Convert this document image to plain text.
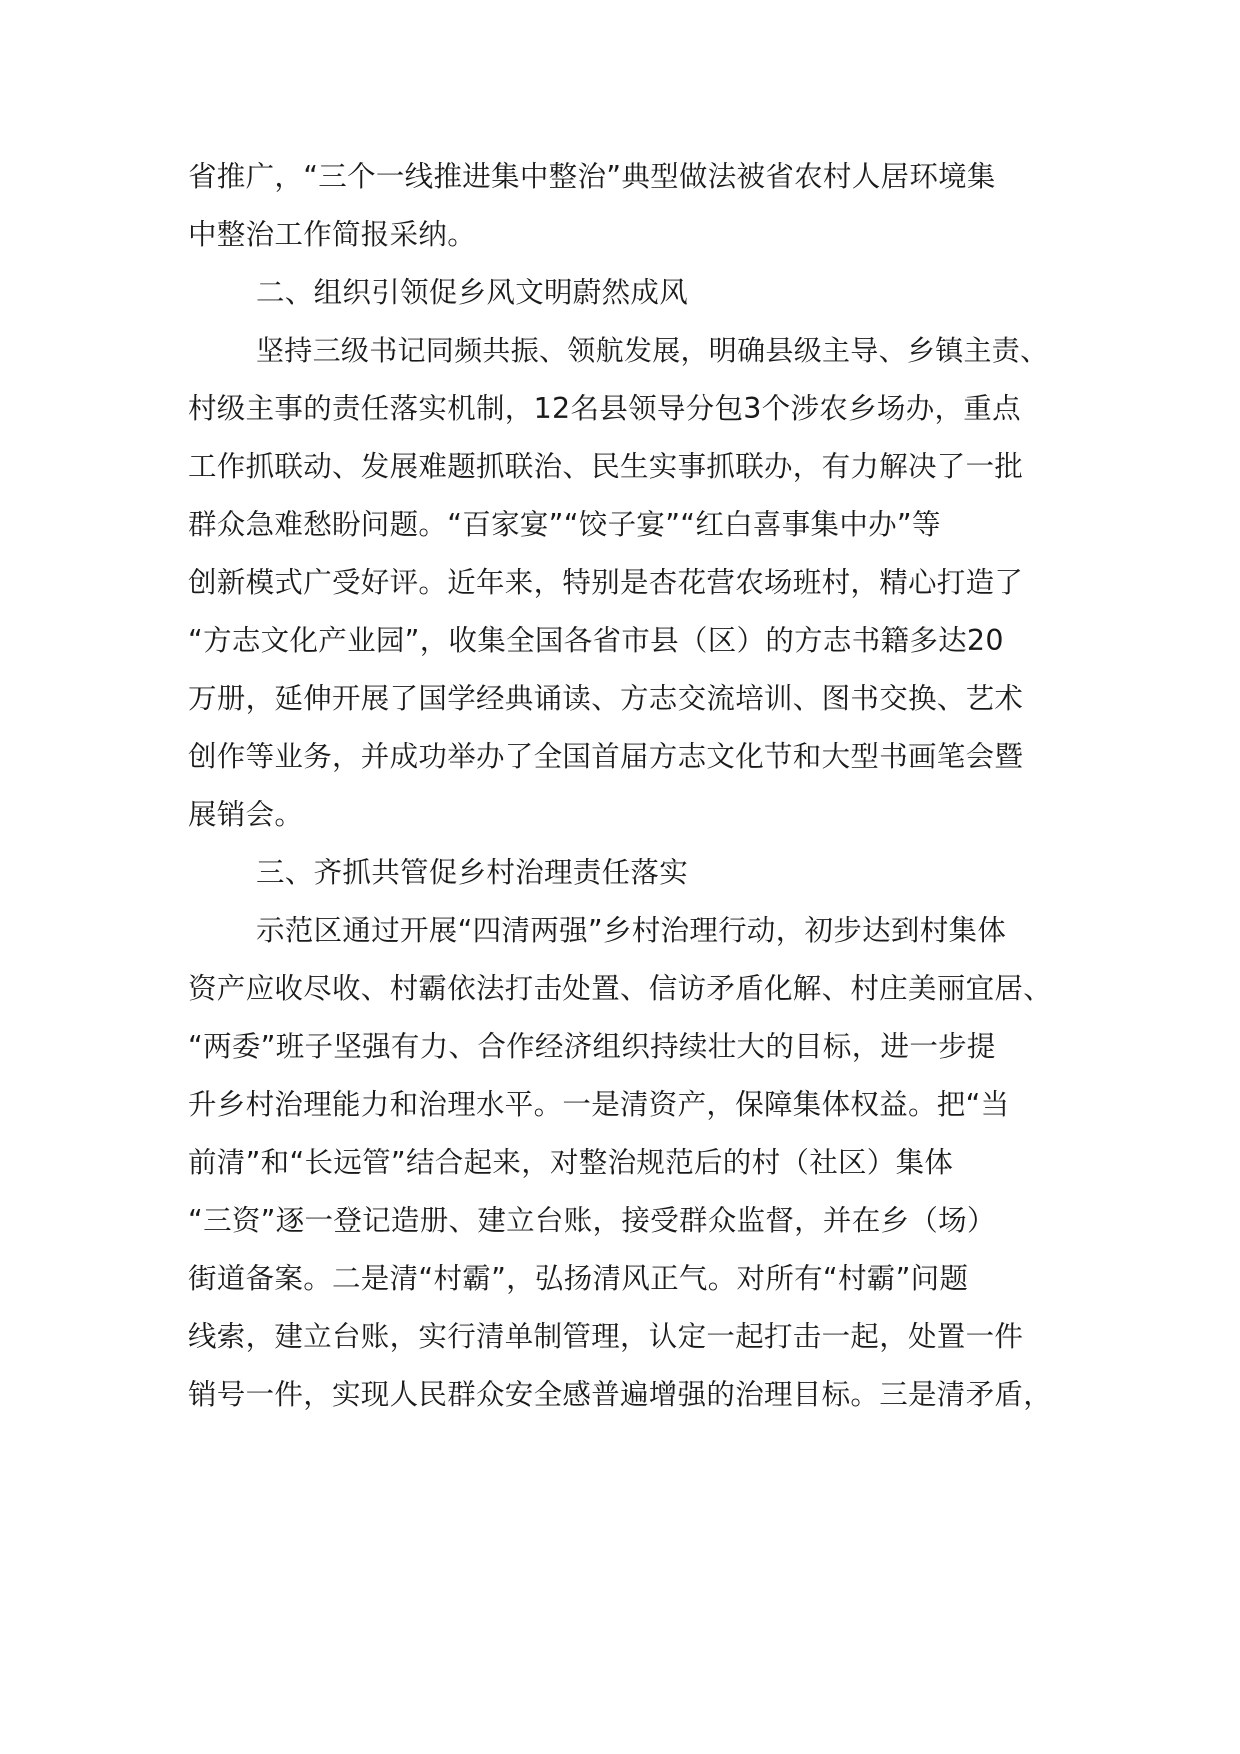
省推广，“三个一线推进集中整治”典型做法被省农村人居环境集
中整治工作简报采纳。
二、组织引领促乡风文明蔚然成风
坚持三级书记同频共振、领航发展，明确县级主导、乡镇主责、
村级主事的责任落实机制，12名县领导分包3个涉农乡场办，重点
工作抓联动、发展难题抓联治、民生实事抓联办，有力解决了一批
群众急难愁盼问题。“百家宴”“饺子宴”“红白喜事集中办”等
创新模式广受好评。近年来，特别是杏花营农场班村，精心打造了
“方志文化产业园”，收集全国各省市县（区）的方志书籍多达20
万册，延伸开展了国学经典诵读、方志交流培训、图书交换、艺术
创作等业务，并成功举办了全国首届方志文化节和大型书画笔会暨
展销会。
三、齐抓共管促乡村治理责任落实
示范区通过开展“四清两强”乡村治理行动，初步达到村集体
资产应收尽收、村霸依法打击处置、信访矛盾化解、村庄美丽宜居、
“两委”班子坚强有力、合作经济组织持续壮大的目标，进一步提
升乡村治理能力和治理水平。一是清资产，保障集体权益。把“当
前清”和“长远管”结合起来，对整治规范后的村（社区）集体
“三资”逐一登记造册、建立台账，接受群众监督，并在乡（场）
街道备案。二是清“村霸”，弘扬清风正气。对所有“村霸”问题
线索，建立台账，实行清单制管理，认定一起打击一起，处置一件
销号一件，实现人民群众安全感普遍增强的治理目标。三是清矛盾，
